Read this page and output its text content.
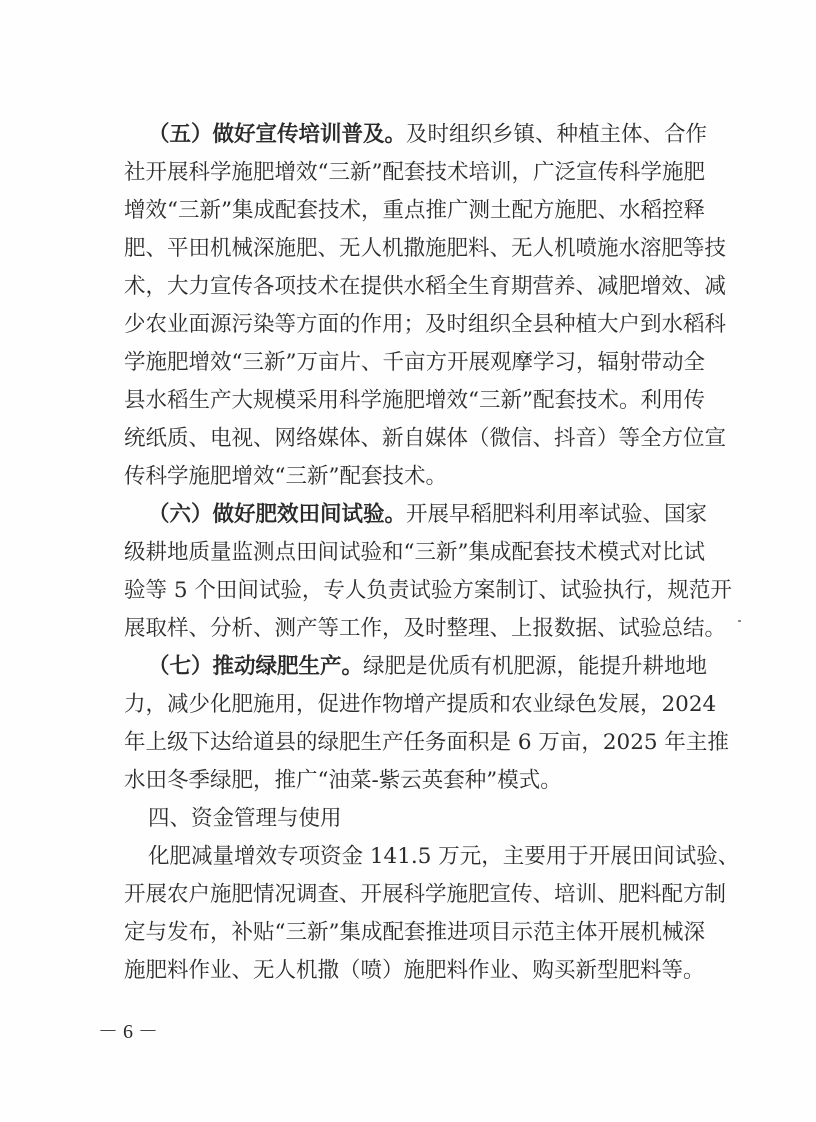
（五）做好宣传培训普及。及时组织乡镇、种植主体、合作
社开展科学施肥增效“三新”配套技术培训，广泛宣传科学施肥
增效“三新”集成配套技术，重点推广测土配方施肥、水稻控释
肥、平田机械深施肥、无人机撒施肥料、无人机喷施水溶肥等技
术，大力宣传各项技术在提供水稻全生育期营养、减肥增效、减
少农业面源污染等方面的作用；及时组织全县种植大户到水稻科
学施肥增效“三新”万亩片、千亩方开展观摩学习，辐射带动全
县水稻生产大规模采用科学施肥增效“三新”配套技术。利用传
统纸质、电视、网络媒体、新自媒体（微信、抖音）等全方位宣
传科学施肥增效“三新”配套技术。
（六）做好肥效田间试验。开展早稻肥料利用率试验、国家
级耕地质量监测点田间试验和“三新”集成配套技术模式对比试
验等 5 个田间试验，专人负责试验方案制订、试验执行，规范开
展取样、分析、测产等工作，及时整理、上报数据、试验总结。
（七）推动绿肥生产。绿肥是优质有机肥源，能提升耕地地
力，减少化肥施用，促进作物增产提质和农业绿色发展，2024
年上级下达给道县的绿肥生产任务面积是 6 万亩，2025 年主推
水田冬季绿肥，推广“油菜-紫云英套种”模式。
四、资金管理与使用
化肥减量增效专项资金 141.5 万元，主要用于开展田间试验、
开展农户施肥情况调查、开展科学施肥宣传、培训、肥料配方制
定与发布，补贴“三新”集成配套推进项目示范主体开展机械深
施肥料作业、无人机撒（喷）施肥料作业、购买新型肥料等。
－ 6 －
